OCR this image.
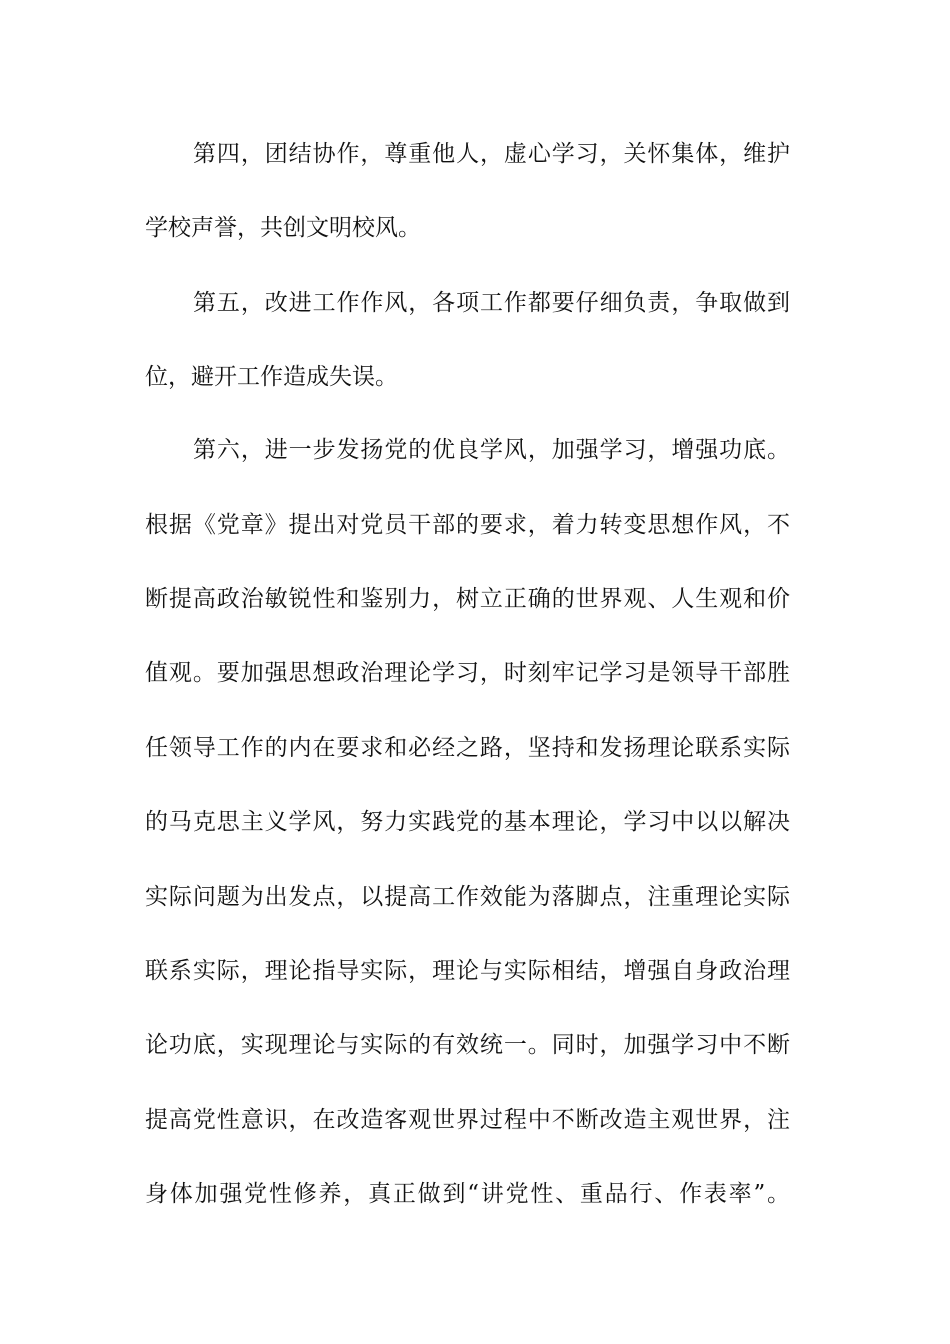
第四，团结协作，尊重他人，虚心学习，关怀集体，维护
学校声誉，共创文明校风。
第五，改进工作作风，各项工作都要仔细负责，争取做到
位，避开工作造成失误。
第六，进一步发扬党的优良学风，加强学习，增强功底。
根据《党章》提出对党员干部的要求，着力转变思想作风，不
断提高政治敏锐性和鉴别力，树立正确的世界观、人生观和价
值观。要加强思想政治理论学习，时刻牢记学习是领导干部胜
任领导工作的内在要求和必经之路，坚持和发扬理论联系实际
的马克思主义学风，努力实践党的基本理论，学习中以以解决
实际问题为出发点，以提高工作效能为落脚点，注重理论实际
联系实际，理论指导实际，理论与实际相结，增强自身政治理
论功底，实现理论与实际的有效统一。同时，加强学习中不断
提高党性意识，在改造客观世界过程中不断改造主观世界，注
身体加强党性修养，真正做到“讲党性、重品行、作表率”。
